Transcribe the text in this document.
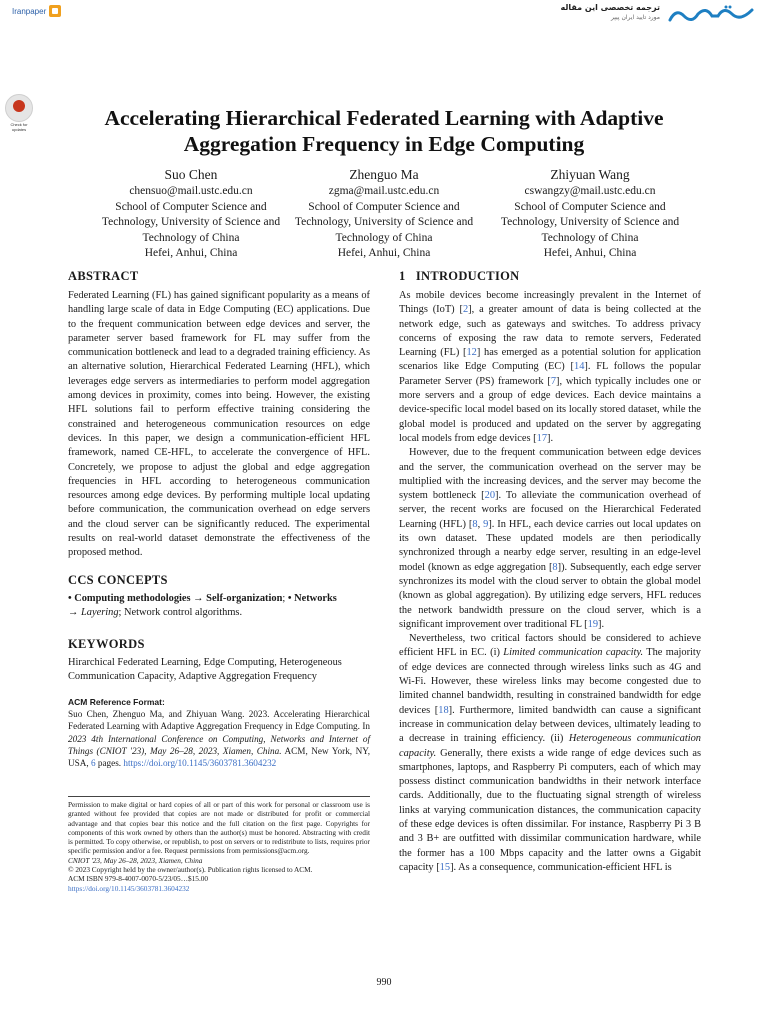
Iranpaper	ترجمه تخصصی این مقاله
مورد تایید ایران پیپر
Check for updates	Accelerating Hierarchical Federated Learning with Adaptive Aggregation Frequency in Edge Computing
Suo Chen
chensuo@mail.ustc.edu.cn
School of Computer Science and
Technology, University of Science and
Technology of China
Hefei, Anhui, China
Zhenguo Ma
zgma@mail.ustc.edu.cn
School of Computer Science and
Technology, University of Science and
Technology of China
Hefei, Anhui, China
Zhiyuan Wang
cswangzy@mail.ustc.edu.cn
School of Computer Science and
Technology, University of Science and
Technology of China
Hefei, Anhui, China
ABSTRACT

Federated Learning (FL) has gained significant popularity as a means of handling large scale of data in Edge Computing (EC) applications. Due to the frequent communication between edge devices and server, the parameter server based framework for FL may suffer from the communication bottleneck and lead to a degraded training efficiency. As an alternative solution, Hierarchical Federated Learning (HFL), which leverages edge servers as intermediaries to perform model aggregation among devices in proximity, comes into being. However, the existing HFL solutions fail to perform effective training considering the constrained and heterogeneous communication resources on edge devices. In this paper, we design a communication-efficient HFL framework, named CE-HFL, to accelerate the convergence of HFL. Concretely, we propose to adjust the global and edge aggregation frequencies in HFL according to heterogeneous communication resources among edge devices. By performing multiple local updating before communication, the communication overhead on edge servers and the cloud server can be significantly reduced. The experimental results on real-world dataset demonstrate the effectiveness of the proposed method.

CCS CONCEPTS

• Computing methodologies → Self-organization; • Networks
→ Layering; Network control algorithms.

KEYWORDS

Hirarchical Federated Learning, Edge Computing, Heterogeneous Communication Capacity, Adaptive Aggregation Frequency

ACM Reference Format:

Suo Chen, Zhenguo Ma, and Zhiyuan Wang. 2023. Accelerating Hierarchical Federated Learning with Adaptive Aggregation Frequency in Edge Computing. In 2023 4th International Conference on Computing, Networks and Internet of Things (CNIOT '23), May 26–28, 2023, Xiamen, China. ACM, New York, NY, USA, 6 pages. https://doi.org/10.1145/3603781.3604232

Permission to make digital or hard copies of all or part of this work for personal or classroom use is granted without fee provided that copies are not made or distributed for profit or commercial advantage and that copies bear this notice and the full citation on the first page. Copyrights for components of this work owned by others than the author(s) must be honored. Abstracting with credit is permitted. To copy otherwise, or republish, to post on servers or to redistribute to lists, requires prior specific permission and/or a fee. Request permissions from permissions@acm.org.

CNIOT '23, May 26–28, 2023, Xiamen, China

© 2023 Copyright held by the owner/author(s). Publication rights licensed to ACM.

ACM ISBN 979-8-4007-0070-5/23/05…$15.00

https://doi.org/10.1145/3603781.3604232

1 INTRODUCTION

As mobile devices become increasingly prevalent in the Internet of Things (IoT) [2], a greater amount of data is being collected at the network edge, such as gateways and switches. To address privacy concerns of exposing the raw data to remote servers, Federated Learning (FL) [12] has emerged as a potential solution for application scenarios like Edge Computing (EC) [14]. FL follows the popular Parameter Server (PS) framework [7], which typically includes one or more servers and a group of edge devices. Each device maintains a device-specific local model based on its locally stored dataset, while the global model is produced and updated on the server by aggregating local models from edge devices [17].

However, due to the frequent communication between edge devices and the server, the communication overhead on the server may be multiplied with the increasing devices, and the server may become the system bottleneck [20]. To alleviate the communication overhead of server, the recent works are focused on the Hierarchical Federated Learning (HFL) [8, 9]. In HFL, each device carries out local updates on its own dataset. These updated models are then periodically synchronized through a nearby edge server, resulting in an edge-level model (known as edge aggregation [8]). Subsequently, each edge server synchronizes its model with the cloud server to obtain the global model (known as global aggregation). By utilizing edge servers, HFL reduces the network bandwidth pressure on the cloud server, which is a significant improvement over traditional FL [19].

Nevertheless, two critical factors should be considered to achieve efficient HFL in EC. (i) Limited communication capacity. The majority of edge devices are connected through wireless links such as 4G and Wi-Fi. However, these wireless links may become congested due to limited channel bandwidth, resulting in constrained bandwidth for edge devices [18]. Furthermore, limited bandwidth can cause a significant increase in communication delay between devices, ultimately leading to a decrease in training efficiency. (ii) Heterogeneous communication capacity. Generally, there exists a wide range of edge devices such as smartphones, laptops, and Raspberry Pi computers, each of which may possess distinct communication bandwidths in their network interface cards. Additionally, due to the fluctuating signal strength of wireless links at varying communication distances, the communication capacity of these edge devices is often dissimilar. For instance, Raspberry Pi 3 B and 3 B+ are outfitted with dissimilar communication hardware, while the former has a 100 Mbps capacity and the latter owns a Gigabit capacity [15]. As a consequence, communication-efficient HFL is

990
